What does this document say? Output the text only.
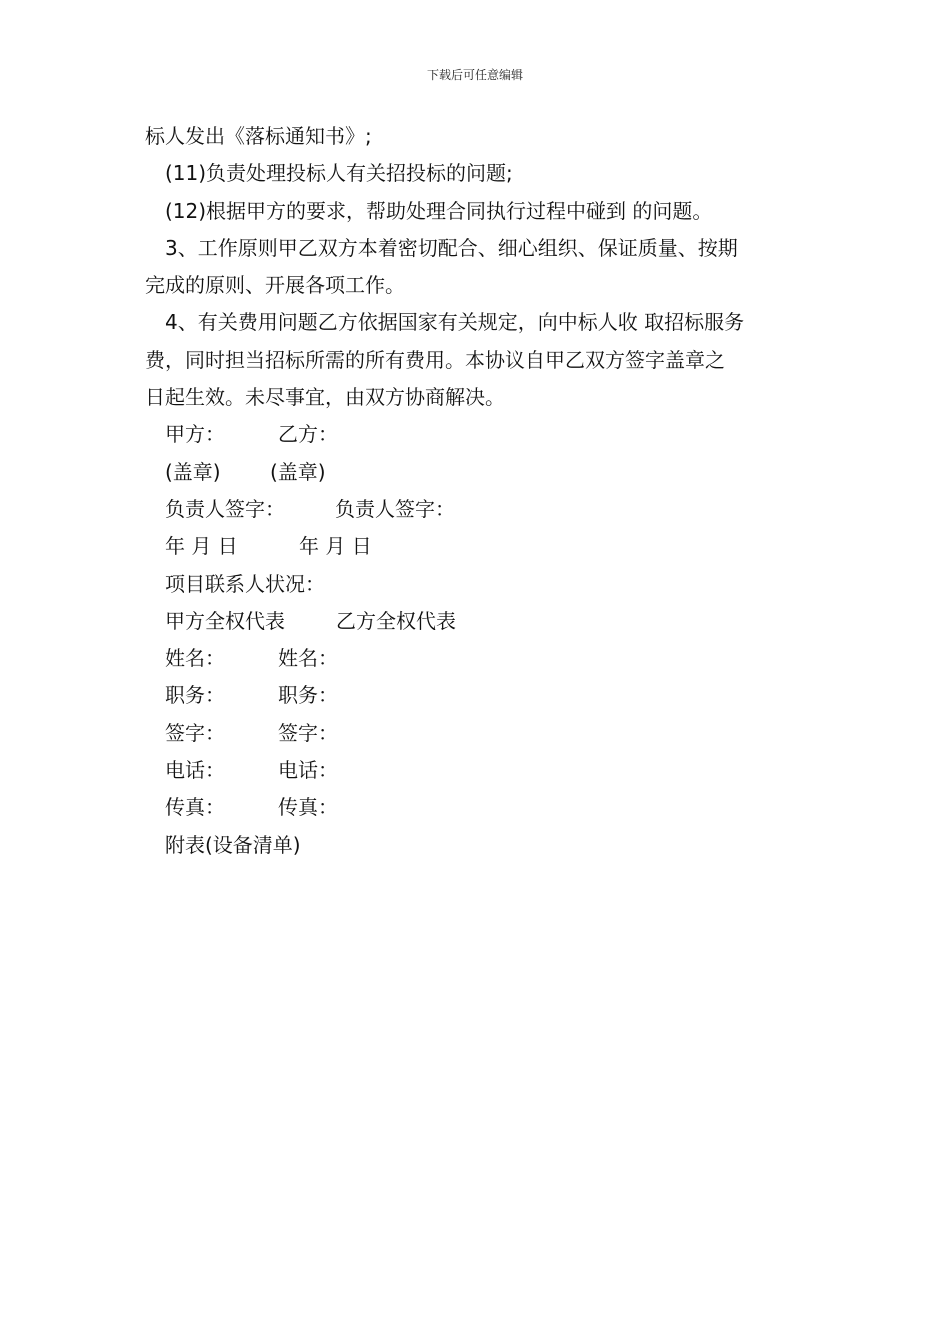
下载后可任意编辑

标人发出《落标通知书》;

(11)负责处理投标人有关招投标的问题;

(12)根据甲方的要求，帮助处理合同执行过程中碰到 的问题。

3、工作原则甲乙双方本着密切配合、细心组织、保证质量、按期

完成的原则、开展各项工作。

4、有关费用问题乙方依据国家有关规定，向中标人收 取招标服务

费，同时担当招标所需的所有费用。本协议自甲乙双方签字盖章之

日起生效。未尽事宜，由双方协商解决。

甲方：	乙方：
(盖章)	(盖章)
负责人签字：	负责人签字：
年 月 日	年 月 日

项目联系人状况：

甲方全权代表	乙方全权代表
姓名：	姓名：
职务：	职务：
签字：	签字：
电话：	电话：
传真：	传真：

附表(设备清单)
